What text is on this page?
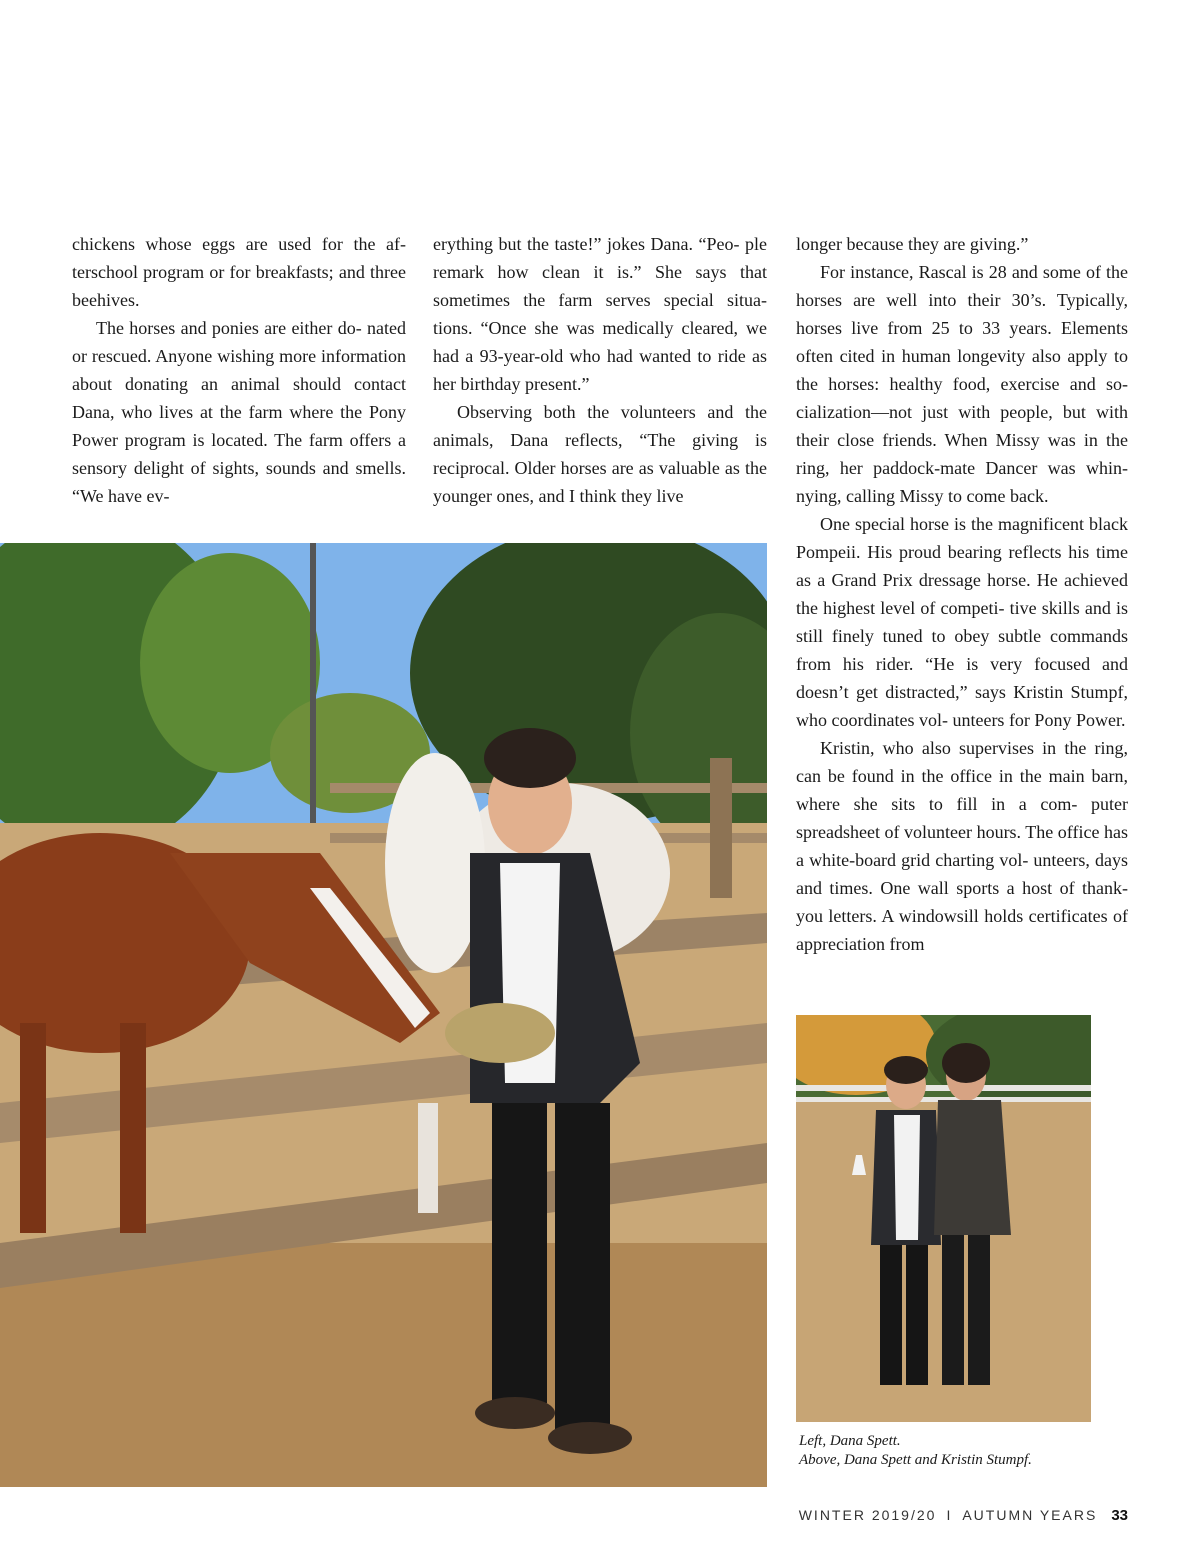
chickens whose eggs are used for the af- terschool program or for breakfasts; and three beehives.

The horses and ponies are either do- nated or rescued. Anyone wishing more information about donating an animal should contact Dana, who lives at the farm where the Pony Power program is located. The farm offers a sensory delight of sights, sounds and smells. “We have ev-

erything but the taste!” jokes Dana. “Peo- ple remark how clean it is.” She says that sometimes the farm serves special situa- tions. “Once she was medically cleared, we had a 93-year-old who had wanted to ride as her birthday present.”

Observing both the volunteers and the animals, Dana reflects, “The giving is reciprocal. Older horses are as valuable as the younger ones, and I think they live

longer because they are giving.”

For instance, Rascal is 28 and some of the horses are well into their 30’s. Typically, horses live from 25 to 33 years. Elements often cited in human longevity also apply to the horses: healthy food, exercise and so- cialization—not just with people, but with their close friends. When Missy was in the ring, her paddock-mate Dancer was whin- nying, calling Missy to come back.

One special horse is the magnificent black Pompeii. His proud bearing reflects his time as a Grand Prix dressage horse. He achieved the highest level of competi- tive skills and is still finely tuned to obey subtle commands from his rider. “He is very focused and doesn’t get distracted,” says Kristin Stumpf, who coordinates vol- unteers for Pony Power.

Kristin, who also supervises in the ring, can be found in the office in the main barn, where she sits to fill in a com- puter spreadsheet of volunteer hours. The office has a white-board grid charting vol- unteers, days and times. One wall sports a host of thank-you letters. A windowsill holds certificates of appreciation from

Left, Dana Spett.
Above, Dana Spett and Kristin Stumpf.
WINTER 2019/20 I AUTUMN YEARS 33
